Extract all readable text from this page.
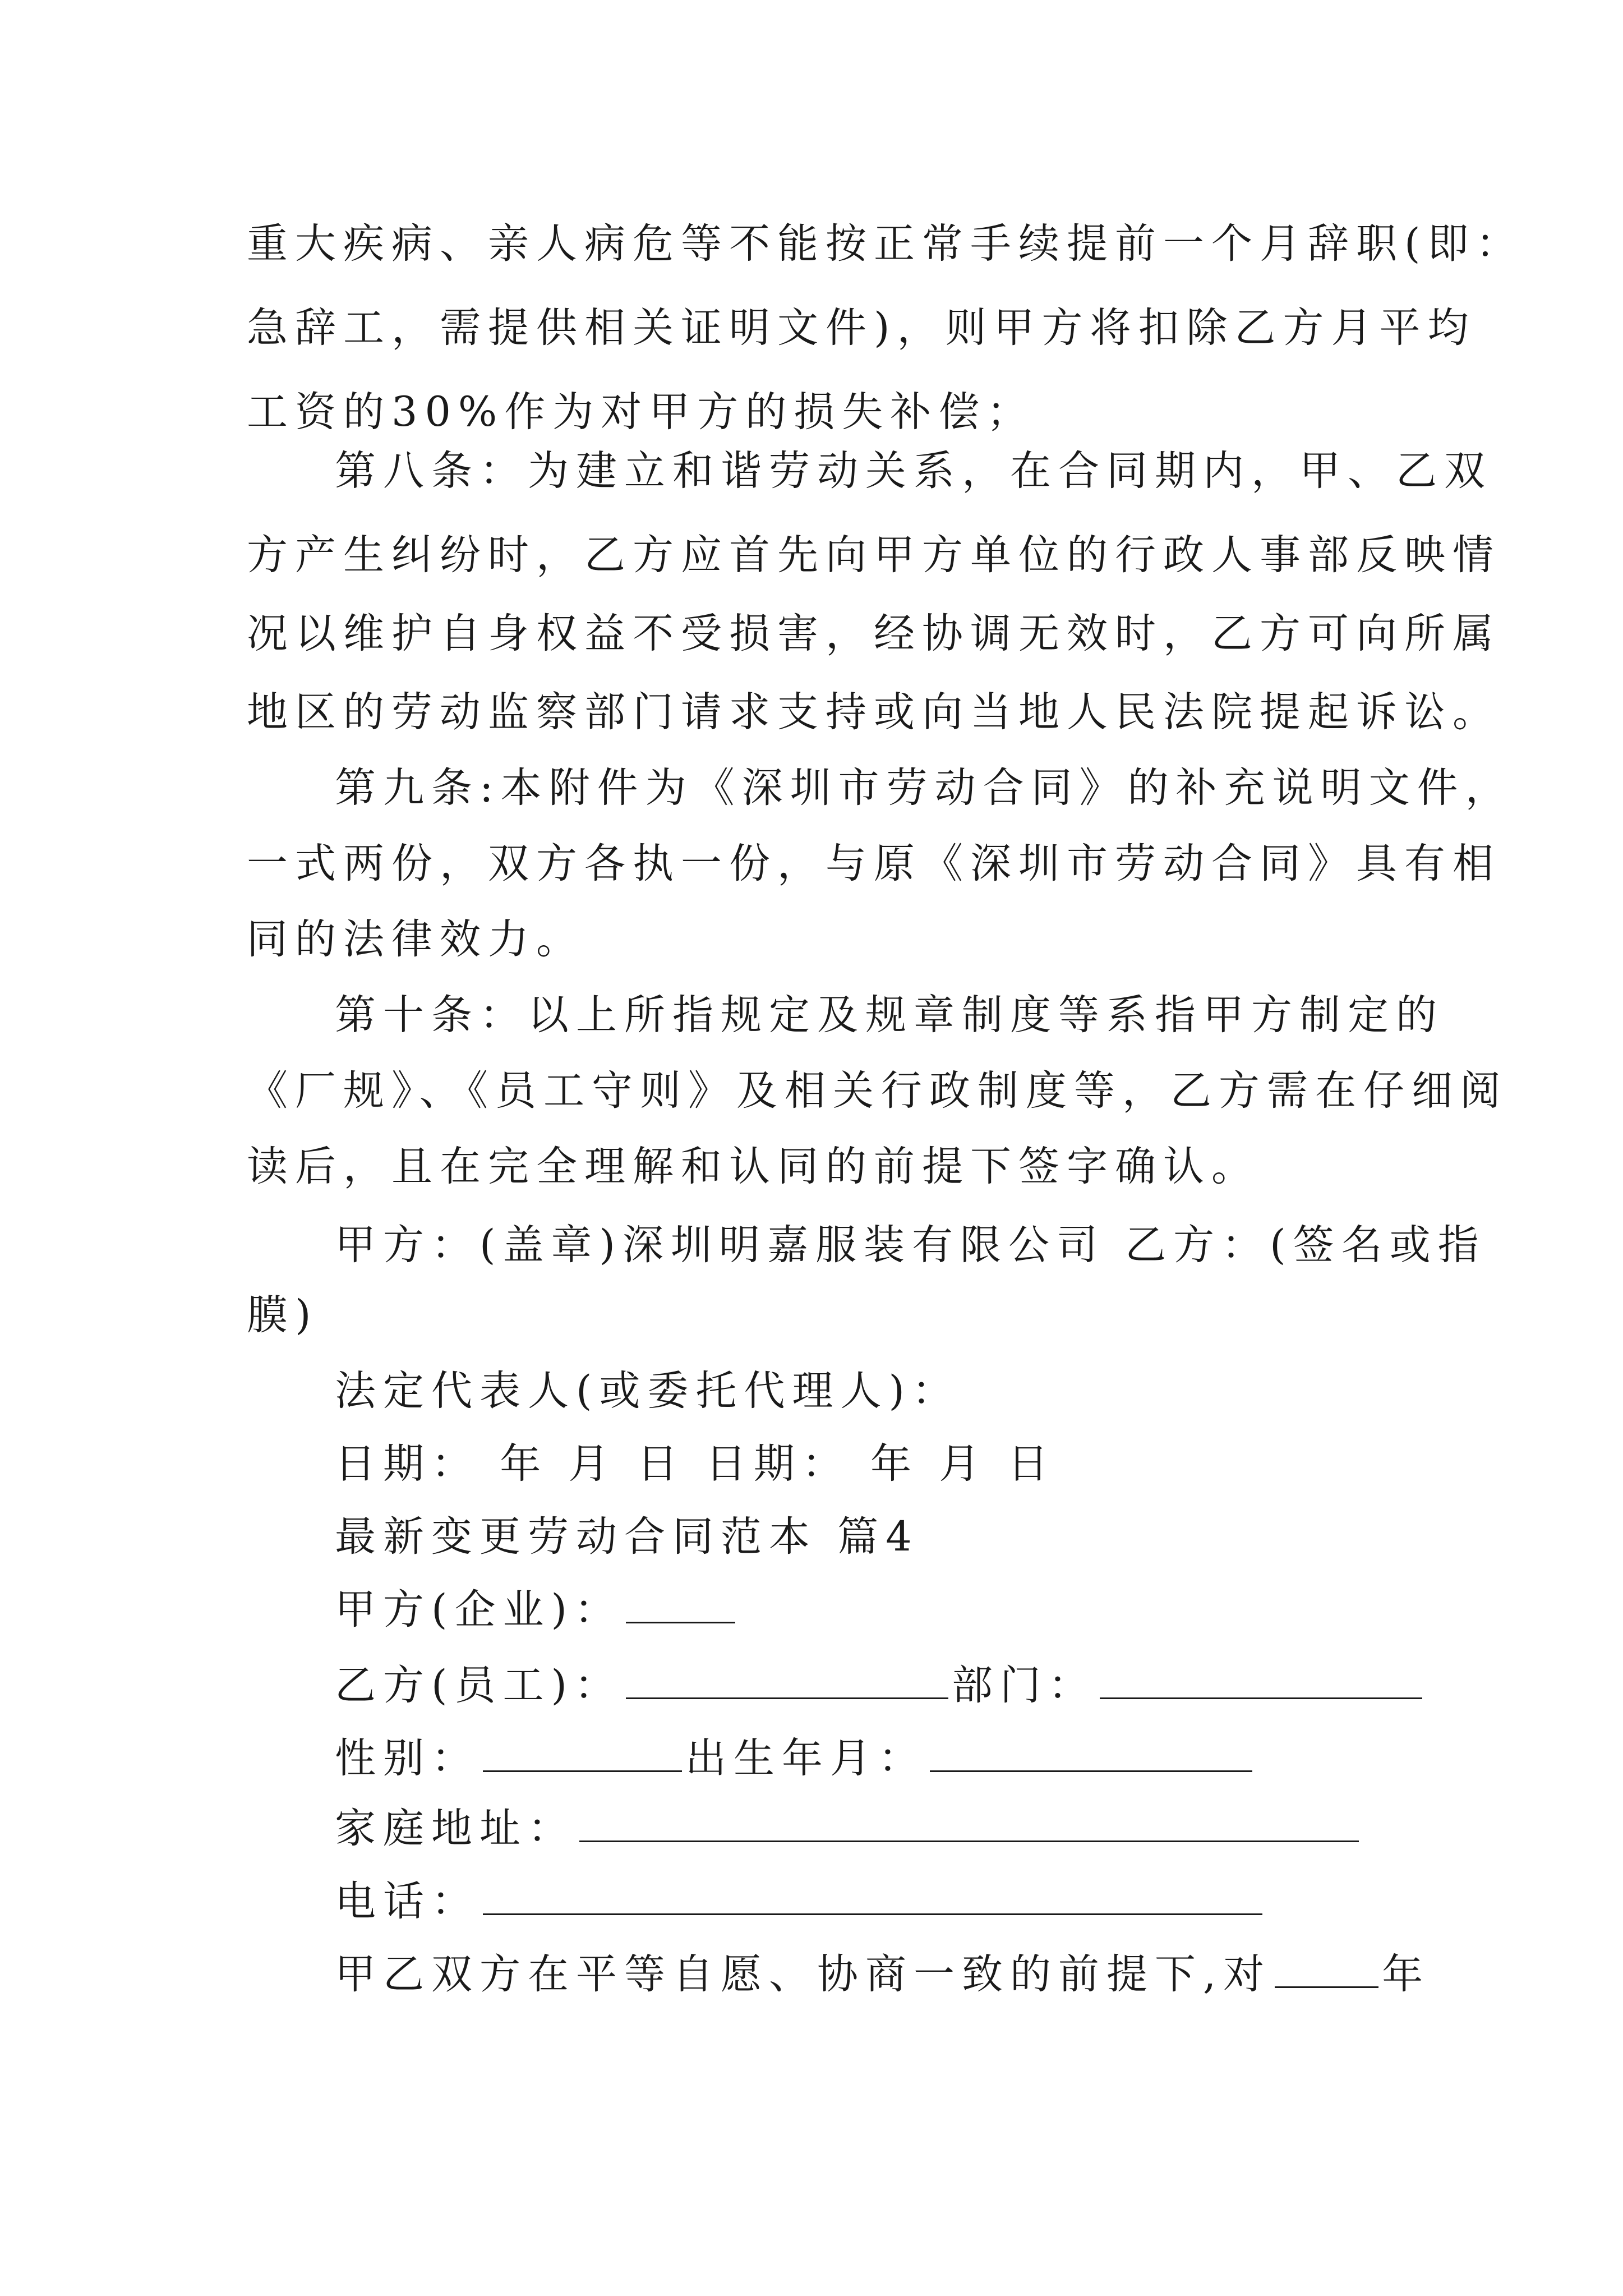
重大疾病、亲人病危等不能按正常手续提前一个月辞职(即：
急辞工，需提供相关证明文件)，则甲方将扣除乙方月平均
工资的30%作为对甲方的损失补偿；
第八条：为建立和谐劳动关系，在合同期内，甲、乙双
方产生纠纷时，乙方应首先向甲方单位的行政人事部反映情
况以维护自身权益不受损害，经协调无效时，乙方可向所属
地区的劳动监察部门请求支持或向当地人民法院提起诉讼。
第九条:本附件为《深圳市劳动合同》的补充说明文件，
一式两份，双方各执一份，与原《深圳市劳动合同》具有相
同的法律效力。
第十条：以上所指规定及规章制度等系指甲方制定的
《厂规》、《员工守则》及相关行政制度等，乙方需在仔细阅
读后，且在完全理解和认同的前提下签字确认。
甲方：(盖章)深圳明嘉服装有限公司 乙方：(签名或指
膜)
法定代表人(或委托代理人)：
日期： 年 月 日 日期： 年 月 日
最新变更劳动合同范本 篇4
甲方(企业)：
乙方(员工)：	部门：
性别：	出生年月：
家庭地址：
电话：
甲乙双方在平等自愿、协商一致的前提下,对	年
